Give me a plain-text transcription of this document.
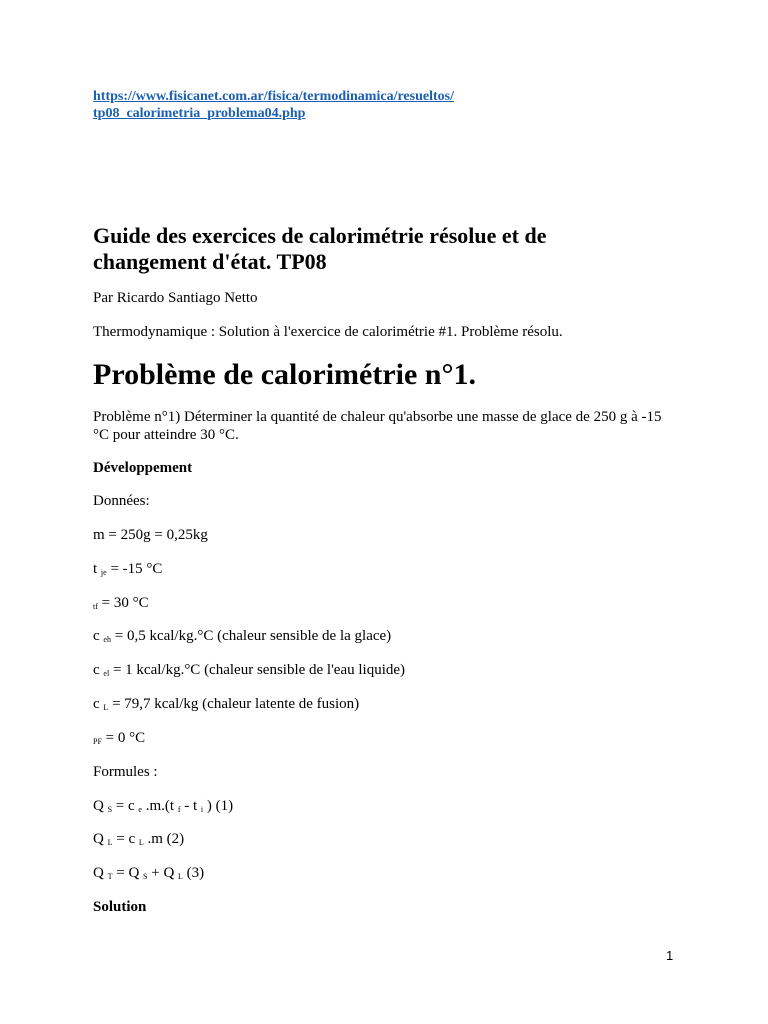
https://www.fisicanet.com.ar/fisica/termodinamica/resueltos/
tp08_calorimetria_problema04.php
Guide des exercices de calorimétrie résolue et de changement d'état. TP08

Par Ricardo Santiago Netto

Thermodynamique : Solution à l'exercice de calorimétrie #1. Problème résolu.

Problème de calorimétrie n°1.

Problème n°1) Déterminer la quantité de chaleur qu'absorbe une masse de glace de 250 g à -15 °C pour atteindre 30 °C.

Développement

Données:

m = 250g = 0,25kg

t $_{je}$ = -15 °C

$_{tf}$ = 30 °C

c $_{eh}$ = 0,5 kcal/kg.°C (chaleur sensible de la glace)

c $_{el}$ = 1 kcal/kg.°C (chaleur sensible de l'eau liquide)

c $_L$ = 79,7 kcal/kg (chaleur latente de fusion)

$_{PF}$ = 0 °C

Formules :

Q $_S$ = c $_e$ .m.(t $_f$ - t $_i$ ) (1)

Q $_L$ = c $_L$ .m (2)

Q $_T$ = Q $_S$ + Q $_L$ (3)

Solution

1
